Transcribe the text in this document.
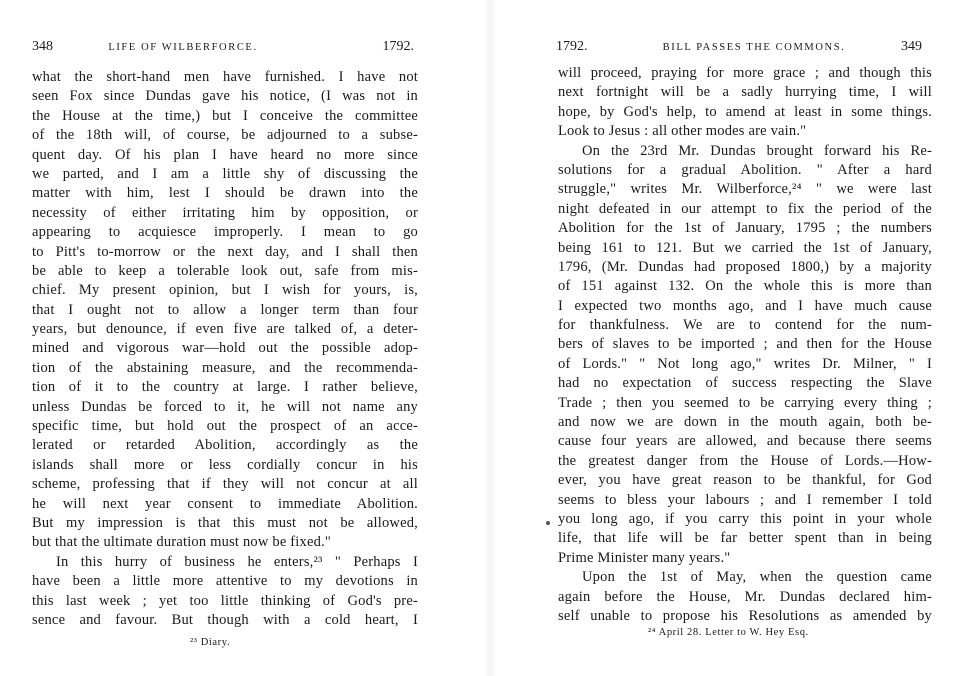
348	LIFE OF WILBERFORCE.	1792.
what the short-hand men have furnished. I have not
seen Fox since Dundas gave his notice, (I was not in
the House at the time,) but I conceive the committee
of the 18th will, of course, be adjourned to a subse-
quent day. Of his plan I have heard no more since
we parted, and I am a little shy of discussing the
matter with him, lest I should be drawn into the
necessity of either irritating him by opposition, or
appearing to acquiesce improperly. I mean to go
to Pitt's to-morrow or the next day, and I shall then
be able to keep a tolerable look out, safe from mis-
chief. My present opinion, but I wish for yours, is,
that I ought not to allow a longer term than four
years, but denounce, if even five are talked of, a deter-
mined and vigorous war—hold out the possible adop-
tion of the abstaining measure, and the recommenda-
tion of it to the country at large. I rather believe,
unless Dundas be forced to it, he will not name any
specific time, but hold out the prospect of an acce-
lerated or retarded Abolition, accordingly as the
islands shall more or less cordially concur in his
scheme, professing that if they will not concur at all
he will next year consent to immediate Abolition.
But my impression is that this must not be allowed,
but that the ultimate duration must now be fixed."
In this hurry of business he enters,²³ " Perhaps I
have been a little more attentive to my devotions in
this last week ; yet too little thinking of God's pre-
sence and favour. But though with a cold heart, I
²³ Diary.
1792.	BILL PASSES THE COMMONS.	349
will proceed, praying for more grace ; and though this
next fortnight will be a sadly hurrying time, I will
hope, by God's help, to amend at least in some things.
Look to Jesus : all other modes are vain."
On the 23rd Mr. Dundas brought forward his Re-
solutions for a gradual Abolition. " After a hard
struggle," writes Mr. Wilberforce,²⁴ " we were last
night defeated in our attempt to fix the period of the
Abolition for the 1st of January, 1795 ; the numbers
being 161 to 121. But we carried the 1st of January,
1796, (Mr. Dundas had proposed 1800,) by a majority
of 151 against 132. On the whole this is more than
I expected two months ago, and I have much cause
for thankfulness. We are to contend for the num-
bers of slaves to be imported ; and then for the House
of Lords." " Not long ago," writes Dr. Milner, " I
had no expectation of success respecting the Slave
Trade ; then you seemed to be carrying every thing ;
and now we are down in the mouth again, both be-
cause four years are allowed, and because there seems
the greatest danger from the House of Lords.—How-
ever, you have great reason to be thankful, for God
seems to bless your labours ; and I remember I told
you long ago, if you carry this point in your whole
life, that life will be far better spent than in being
Prime Minister many years."
Upon the 1st of May, when the question came
again before the House, Mr. Dundas declared him-
self unable to propose his Resolutions as amended by
²⁴ April 28. Letter to W. Hey Esq.
